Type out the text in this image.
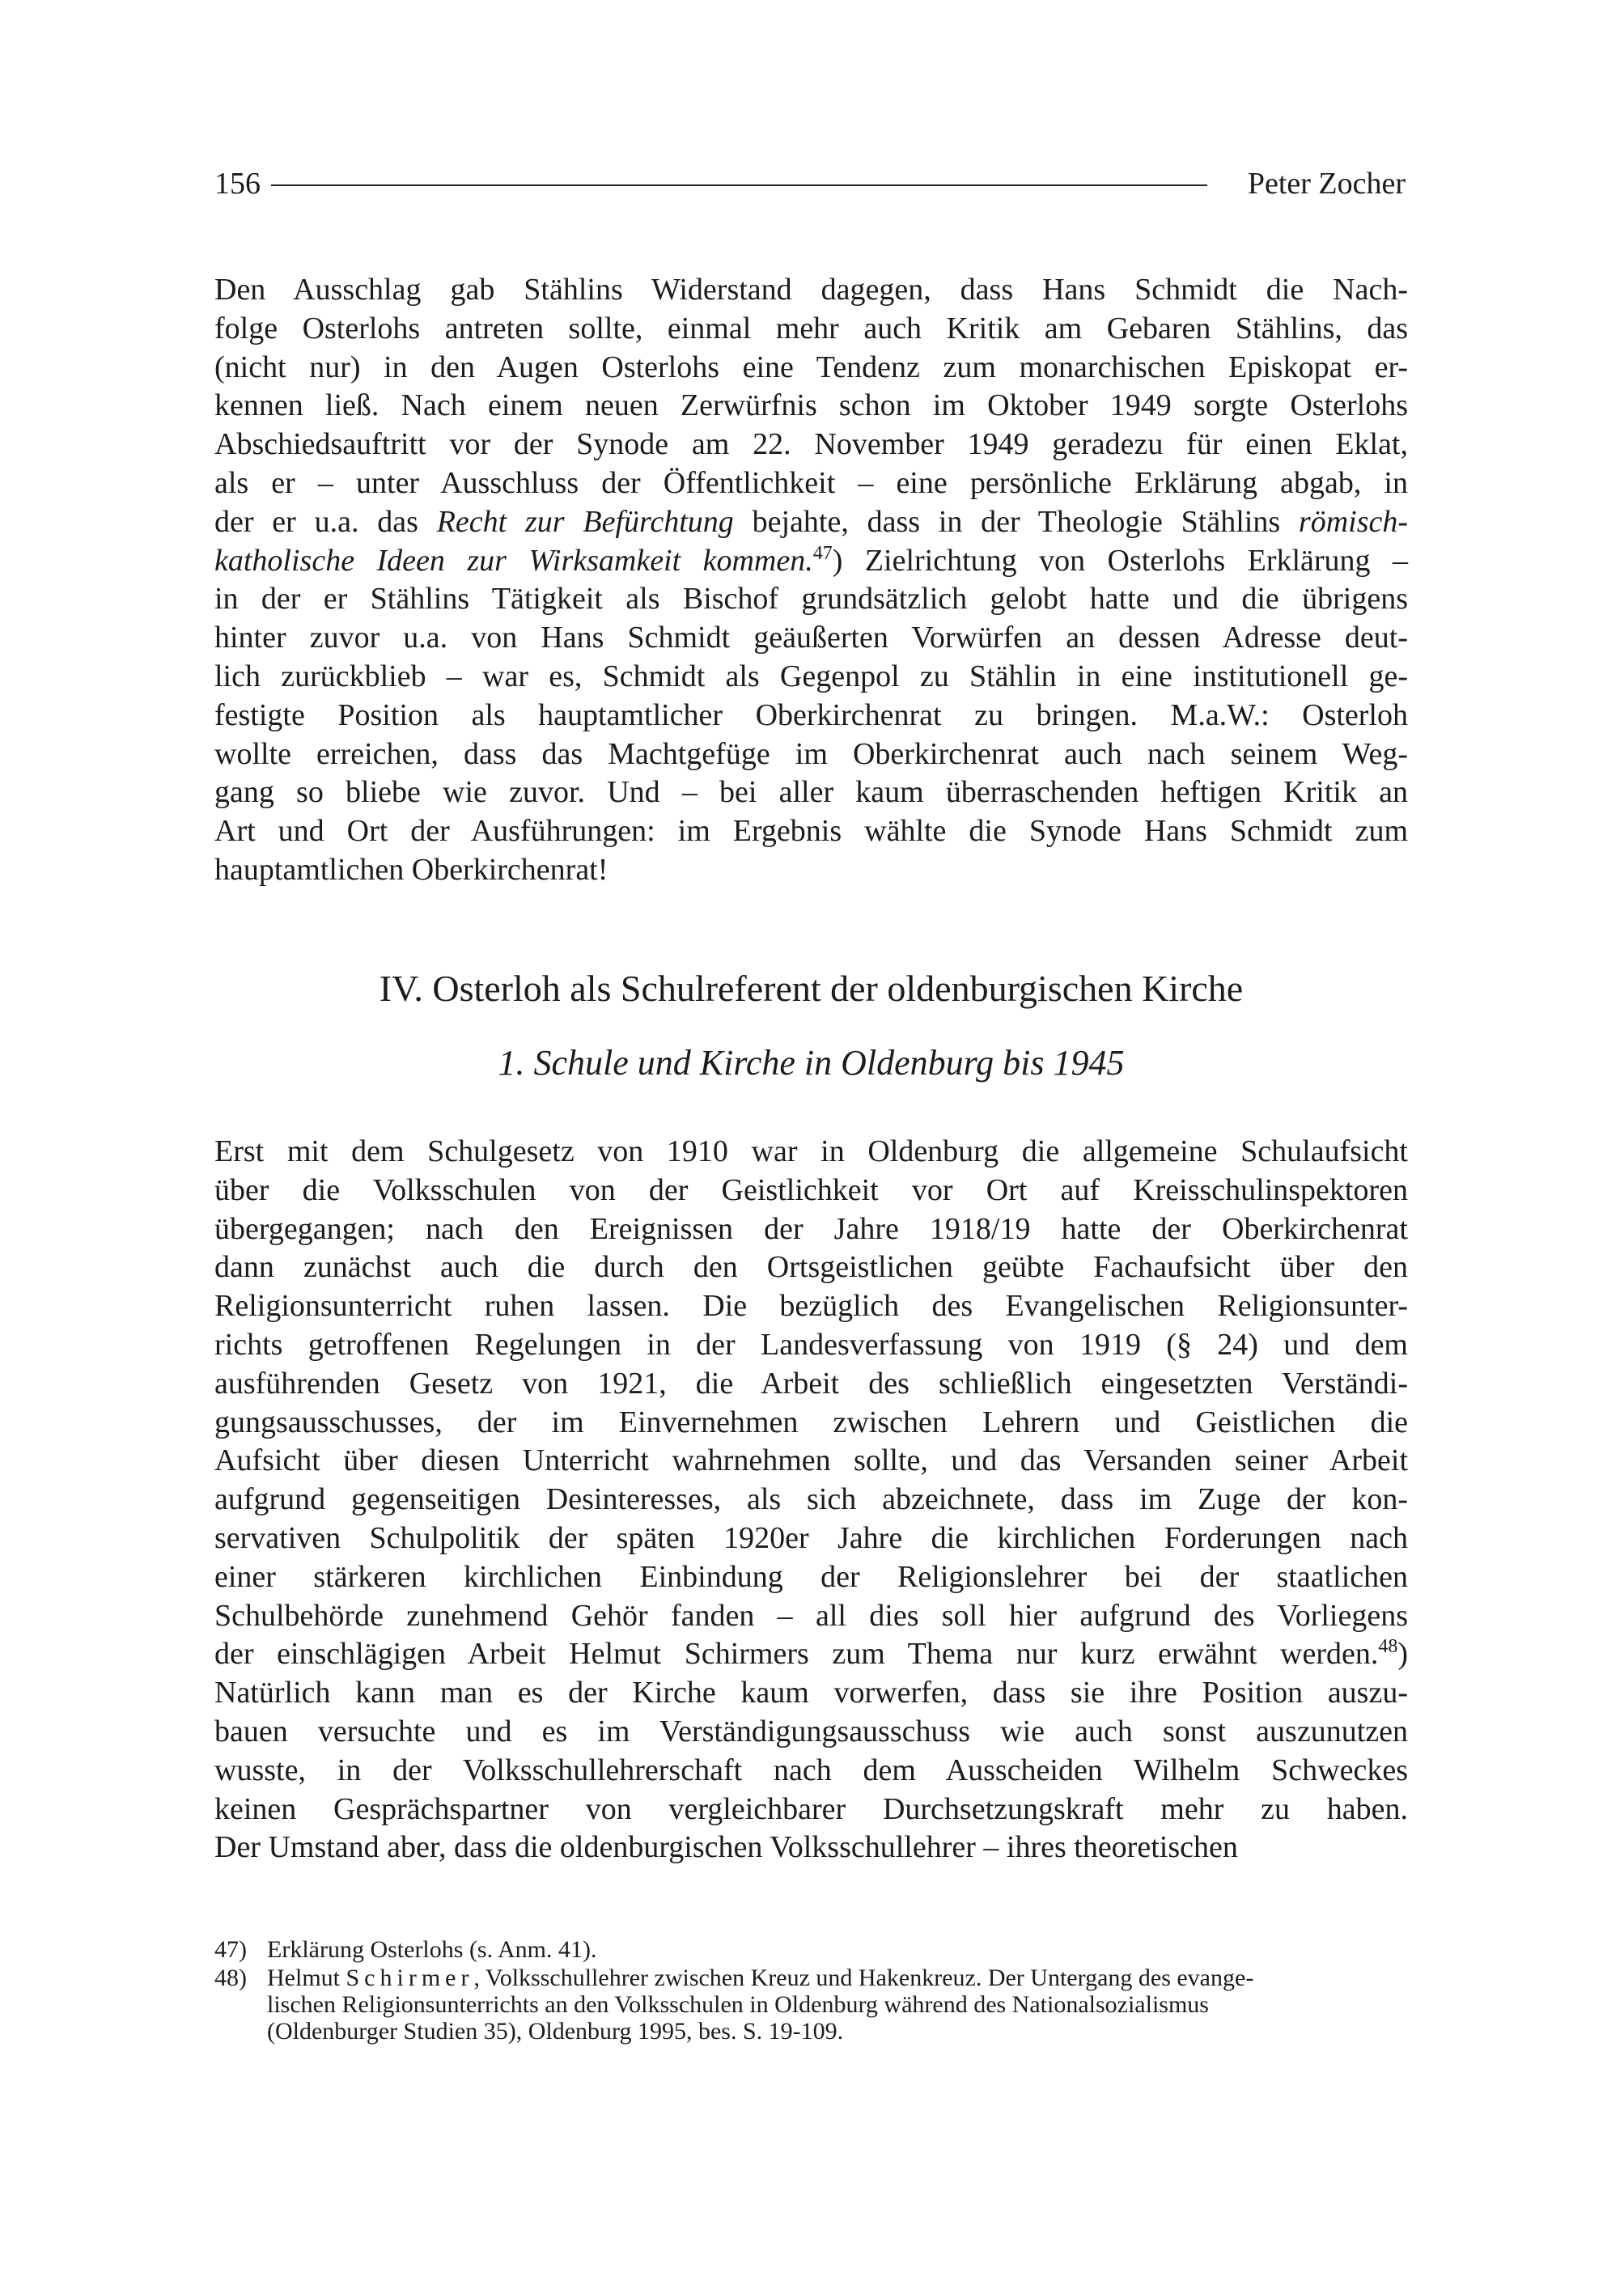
156	Peter Zocher
Den Ausschlag gab Stählins Widerstand dagegen, dass Hans Schmidt die Nach-
folge Osterlohs antreten sollte, einmal mehr auch Kritik am Gebaren Stählins, das
(nicht nur) in den Augen Osterlohs eine Tendenz zum monarchischen Episkopat er-
kennen ließ. Nach einem neuen Zerwürfnis schon im Oktober 1949 sorgte Osterlohs
Abschiedsauftritt vor der Synode am 22. November 1949 geradezu für einen Eklat,
als er – unter Ausschluss der Öffentlichkeit – eine persönliche Erklärung abgab, in
der er u.a. das Recht zur Befürchtung bejahte, dass in der Theologie Stählins römisch-
katholische Ideen zur Wirksamkeit kommen.$^{47}$) Zielrichtung von Osterlohs Erklärung –
in der er Stählins Tätigkeit als Bischof grundsätzlich gelobt hatte und die übrigens
hinter zuvor u.a. von Hans Schmidt geäußerten Vorwürfen an dessen Adresse deut-
lich zurückblieb – war es, Schmidt als Gegenpol zu Stählin in eine institutionell ge-
festigte Position als hauptamtlicher Oberkirchenrat zu bringen. M.a.W.: Osterloh
wollte erreichen, dass das Machtgefüge im Oberkirchenrat auch nach seinem Weg-
gang so bliebe wie zuvor. Und – bei aller kaum überraschenden heftigen Kritik an
Art und Ort der Ausführungen: im Ergebnis wählte die Synode Hans Schmidt zum
hauptamtlichen Oberkirchenrat!
IV. Osterloh als Schulreferent der oldenburgischen Kirche
1. Schule und Kirche in Oldenburg bis 1945
Erst mit dem Schulgesetz von 1910 war in Oldenburg die allgemeine Schulaufsicht
über die Volksschulen von der Geistlichkeit vor Ort auf Kreisschulinspektoren
übergegangen; nach den Ereignissen der Jahre 1918/19 hatte der Oberkirchenrat
dann zunächst auch die durch den Ortsgeistlichen geübte Fachaufsicht über den
Religionsunterricht ruhen lassen. Die bezüglich des Evangelischen Religionsunter-
richts getroffenen Regelungen in der Landesverfassung von 1919 (§ 24) und dem
ausführenden Gesetz von 1921, die Arbeit des schließlich eingesetzten Verständi-
gungsausschusses, der im Einvernehmen zwischen Lehrern und Geistlichen die
Aufsicht über diesen Unterricht wahrnehmen sollte, und das Versanden seiner Arbeit
aufgrund gegenseitigen Desinteresses, als sich abzeichnete, dass im Zuge der kon-
servativen Schulpolitik der späten 1920er Jahre die kirchlichen Forderungen nach
einer stärkeren kirchlichen Einbindung der Religionslehrer bei der staatlichen
Schulbehörde zunehmend Gehör fanden – all dies soll hier aufgrund des Vorliegens
der einschlägigen Arbeit Helmut Schirmers zum Thema nur kurz erwähnt werden.$^{48}$)
Natürlich kann man es der Kirche kaum vorwerfen, dass sie ihre Position auszu-
bauen versuchte und es im Verständigungsausschuss wie auch sonst auszunutzen
wusste, in der Volksschullehrerschaft nach dem Ausscheiden Wilhelm Schweckes
keinen Gesprächspartner von vergleichbarer Durchsetzungskraft mehr zu haben.
Der Umstand aber, dass die oldenburgischen Volksschullehrer – ihres theoretischen
47) Erklärung Osterlohs (s. Anm. 41).
48) Helmut Schirmer, Volksschullehrer zwischen Kreuz und Hakenkreuz. Der Untergang des evange-
lischen Religionsunterrichts an den Volksschulen in Oldenburg während des Nationalsozialismus
(Oldenburger Studien 35), Oldenburg 1995, bes. S. 19-109.
